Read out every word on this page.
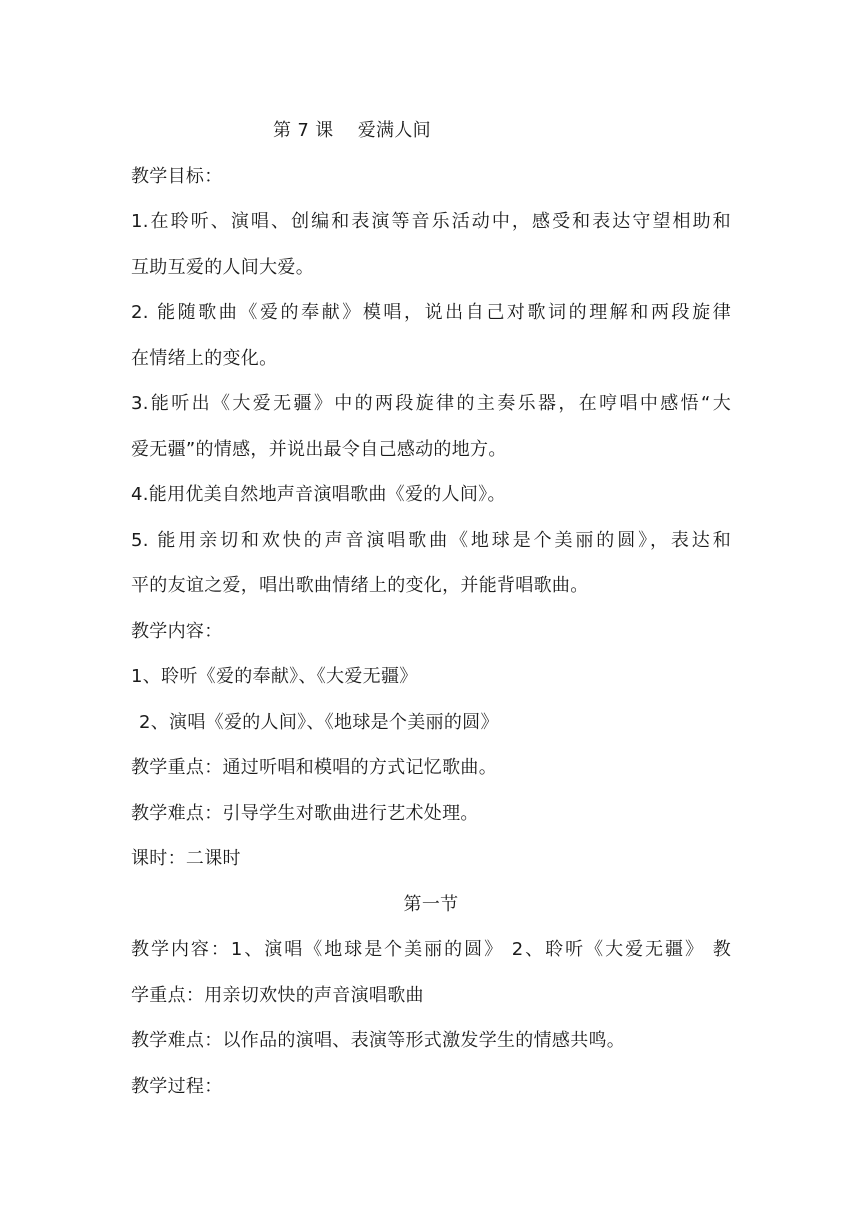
第 7 课　 爱满人间
教学目标：
1.在聆听、演唱、创编和表演等音乐活动中，感受和表达守望相助和
互助互爱的人间大爱。
2. 能随歌曲《爱的奉献》模唱，说出自己对歌词的理解和两段旋律
在情绪上的变化。
3.能听出《大爱无疆》中的两段旋律的主奏乐器，在哼唱中感悟“大
爱无疆”的情感，并说出最令自己感动的地方。
4.能用优美自然地声音演唱歌曲《爱的人间》。
5. 能用亲切和欢快的声音演唱歌曲《地球是个美丽的圆》，表达和
平的友谊之爱，唱出歌曲情绪上的变化，并能背唱歌曲。
教学内容：
1、聆听《爱的奉献》、《大爱无疆》
2、演唱《爱的人间》、《地球是个美丽的圆》
教学重点：通过听唱和模唱的方式记忆歌曲。
教学难点：引导学生对歌曲进行艺术处理。
课时：二课时
第一节
教学内容：1、演唱《地球是个美丽的圆》 2、聆听《大爱无疆》 教
学重点：用亲切欢快的声音演唱歌曲
教学难点：以作品的演唱、表演等形式激发学生的情感共鸣。
教学过程：
